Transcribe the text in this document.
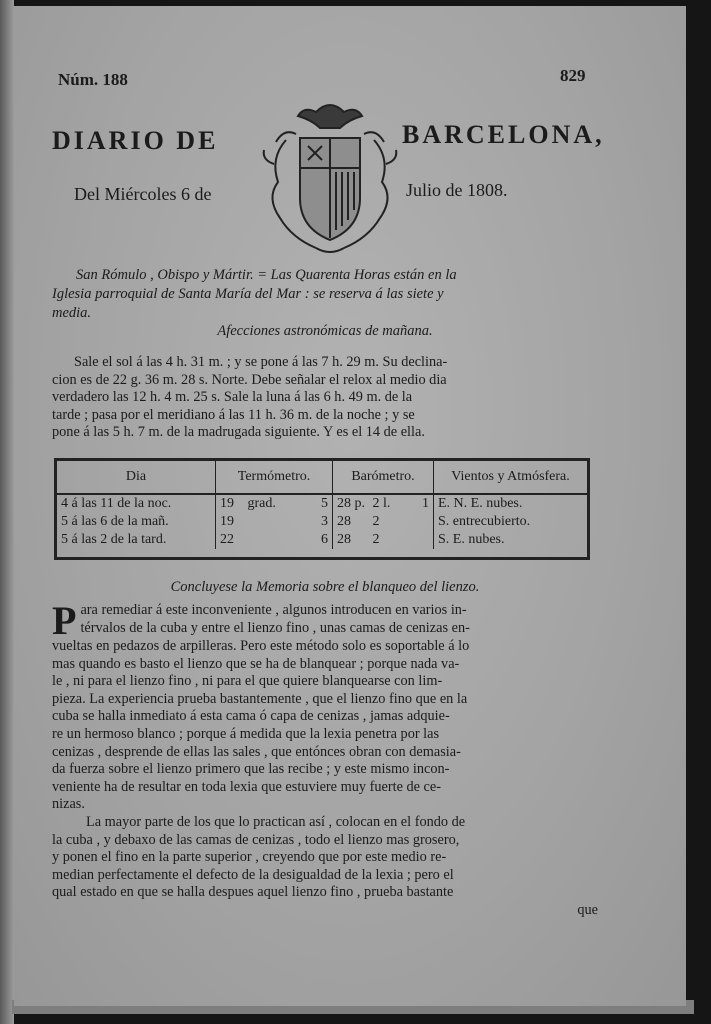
Núm. 188	829
DIARIO DE	BARCELONA,
Del Miércoles 6 de	Julio de 1808.
San Rómulo , Obispo y Mártir. = Las Quarenta Horas están en la
Iglesia parroquial de Santa María del Mar : se reserva á las siete y
media.
Afecciones astronómicas de mañana.
Sale el sol á las 4 h. 31 m. ; y se pone á las 7 h. 29 m. Su declina-
cion es de 22 g. 36 m. 28 s. Norte. Debe señalar el relox al medio dia
verdadero las 12 h. 4 m. 25 s. Sale la luna á las 6 h. 49 m. de la
tarde ; pasa por el meridiano á las 11 h. 36 m. de la noche ; y se
pone á las 5 h. 7 m. de la madrugada siguiente. Y es el 14 de ella.
Dia	Termómetro.	Barómetro.	Vientos y Atmósfera.
4 á las 11 de la noc.	19 grad. 5	28 p. 2 l. 1	E. N. E. nubes.
5 á las 6 de la mañ.	19 3	28 2	S. entrecubierto.
5 á las 2 de la tard.	22 6	28 2	S. E. nubes.
Concluyese la Memoria sobre el blanqueo del lienzo.
P ara remediar á este inconveniente , algunos introducen en varios in-
térvalos de la cuba y entre el lienzo fino , unas camas de cenizas en-
vueltas en pedazos de arpilleras. Pero este método solo es soportable á lo
mas quando es basto el lienzo que se ha de blanquear ; porque nada va-
le , ni para el lienzo fino , ni para el que quiere blanquearse con lim-
pieza. La experiencia prueba bastantemente , que el lienzo fino que en la
cuba se halla inmediato á esta cama ó capa de cenizas , jamas adquie-
re un hermoso blanco ; porque á medida que la lexia penetra por las
cenizas , desprende de ellas las sales , que entónces obran con demasia-
da fuerza sobre el lienzo primero que las recibe ; y este mismo incon-
veniente ha de resultar en toda lexia que estuviere muy fuerte de ce-
nizas.
La mayor parte de los que lo practican así , colocan en el fondo de
la cuba , y debaxo de las camas de cenizas , todo el lienzo mas grosero,
y ponen el fino en la parte superior , creyendo que por este medio re-
median perfectamente el defecto de la desigualdad de la lexia ; pero el
qual estado en que se halla despues aquel lienzo fino , prueba bastante
que
